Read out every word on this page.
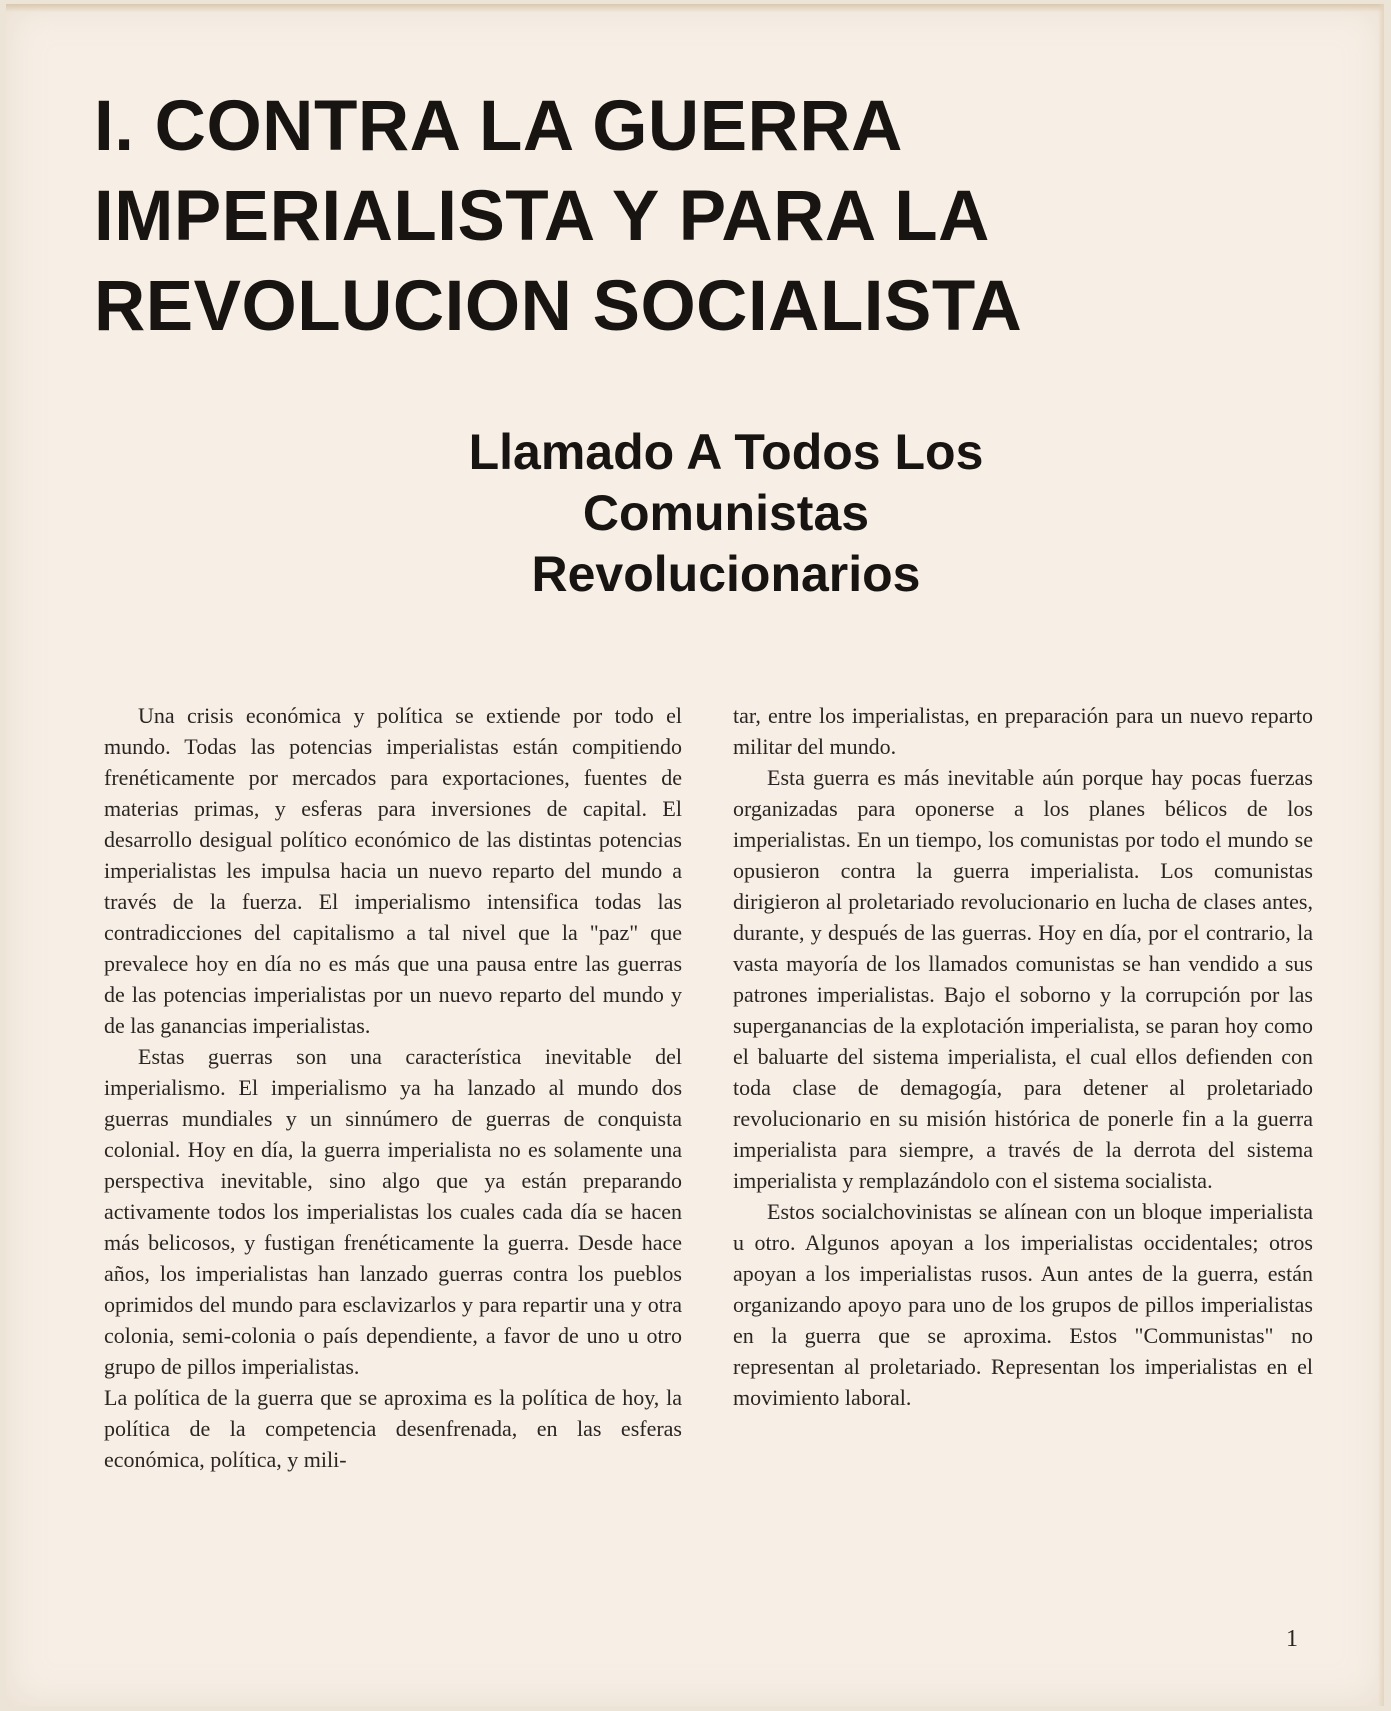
I. CONTRA LA GUERRA
IMPERIALISTA Y PARA LA
REVOLUCION SOCIALISTA
Llamado A Todos Los
Comunistas
Revolucionarios

Una crisis económica y política se extiende por todo el mundo. Todas las potencias imperialistas están compitiendo frenéticamente por mercados para exportaciones, fuentes de materias primas, y esferas para inversiones de capital. El desarrollo desigual político económico de las distintas potencias imperialistas les impulsa hacia un nuevo reparto del mundo a través de la fuerza. El imperialismo intensifica todas las contradicciones del capitalismo a tal nivel que la "paz" que prevalece hoy en día no es más que una pausa entre las guerras de las potencias imperialistas por un nuevo reparto del mundo y de las ganancias imperialistas.

Estas guerras son una característica inevitable del imperialismo. El imperialismo ya ha lanzado al mundo dos guerras mundiales y un sinnúmero de guerras de conquista colonial. Hoy en día, la guerra imperialista no es solamente una perspectiva inevitable, sino algo que ya están preparando activamente todos los imperialistas los cuales cada día se hacen más belicosos, y fustigan frenéticamente la guerra. Desde hace años, los imperialistas han lanzado guerras contra los pueblos oprimidos del mundo para esclavizarlos y para repartir una y otra colonia, semi-colonia o país dependiente, a favor de uno u otro grupo de pillos imperialistas.

La política de la guerra que se aproxima es la política de hoy, la política de la competencia desenfrenada, en las esferas económica, política, y mili-

tar, entre los imperialistas, en preparación para un nuevo reparto militar del mundo.

Esta guerra es más inevitable aún porque hay pocas fuerzas organizadas para oponerse a los planes bélicos de los imperialistas. En un tiempo, los comunistas por todo el mundo se opusieron contra la guerra imperialista. Los comunistas dirigieron al proletariado revolucionario en lucha de clases antes, durante, y después de las guerras. Hoy en día, por el contrario, la vasta mayoría de los llamados comunistas se han vendido a sus patrones imperialistas. Bajo el soborno y la corrupción por las superganancias de la explotación imperialista, se paran hoy como el baluarte del sistema imperialista, el cual ellos defienden con toda clase de demagogía, para detener al proletariado revolucionario en su misión histórica de ponerle fin a la guerra imperialista para siempre, a través de la derrota del sistema imperialista y remplazándolo con el sistema socialista.

Estos socialchovinistas se alínean con un bloque imperialista u otro. Algunos apoyan a los imperialistas occidentales; otros apoyan a los imperialistas rusos. Aun antes de la guerra, están organizando apoyo para uno de los grupos de pillos imperialistas en la guerra que se aproxima. Estos "Communistas" no representan al proletariado. Representan los imperialistas en el movimiento laboral.

1
